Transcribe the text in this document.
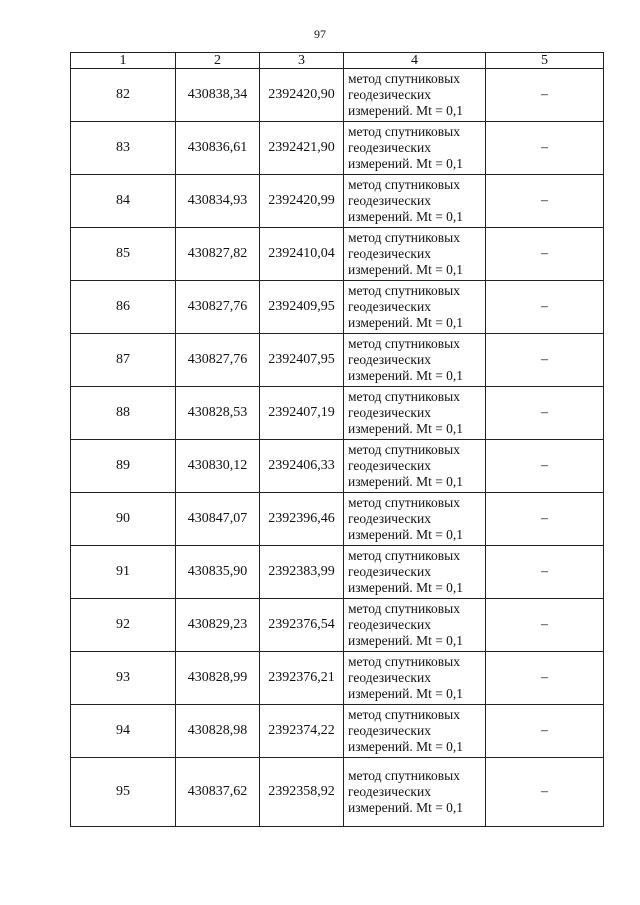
97
1	2	3	4	5
82	430838,34	2392420,90	метод спутниковых
геодезических
измерений. Mt = 0,1	–
83	430836,61	2392421,90	метод спутниковых
геодезических
измерений. Mt = 0,1	–
84	430834,93	2392420,99	метод спутниковых
геодезических
измерений. Mt = 0,1	–
85	430827,82	2392410,04	метод спутниковых
геодезических
измерений. Mt = 0,1	–
86	430827,76	2392409,95	метод спутниковых
геодезических
измерений. Mt = 0,1	–
87	430827,76	2392407,95	метод спутниковых
геодезических
измерений. Mt = 0,1	–
88	430828,53	2392407,19	метод спутниковых
геодезических
измерений. Mt = 0,1	–
89	430830,12	2392406,33	метод спутниковых
геодезических
измерений. Mt = 0,1	–
90	430847,07	2392396,46	метод спутниковых
геодезических
измерений. Mt = 0,1	–
91	430835,90	2392383,99	метод спутниковых
геодезических
измерений. Mt = 0,1	–
92	430829,23	2392376,54	метод спутниковых
геодезических
измерений. Mt = 0,1	–
93	430828,99	2392376,21	метод спутниковых
геодезических
измерений. Mt = 0,1	–
94	430828,98	2392374,22	метод спутниковых
геодезических
измерений. Mt = 0,1	–
95	430837,62	2392358,92	метод спутниковых
геодезических
измерений. Mt = 0,1	–
